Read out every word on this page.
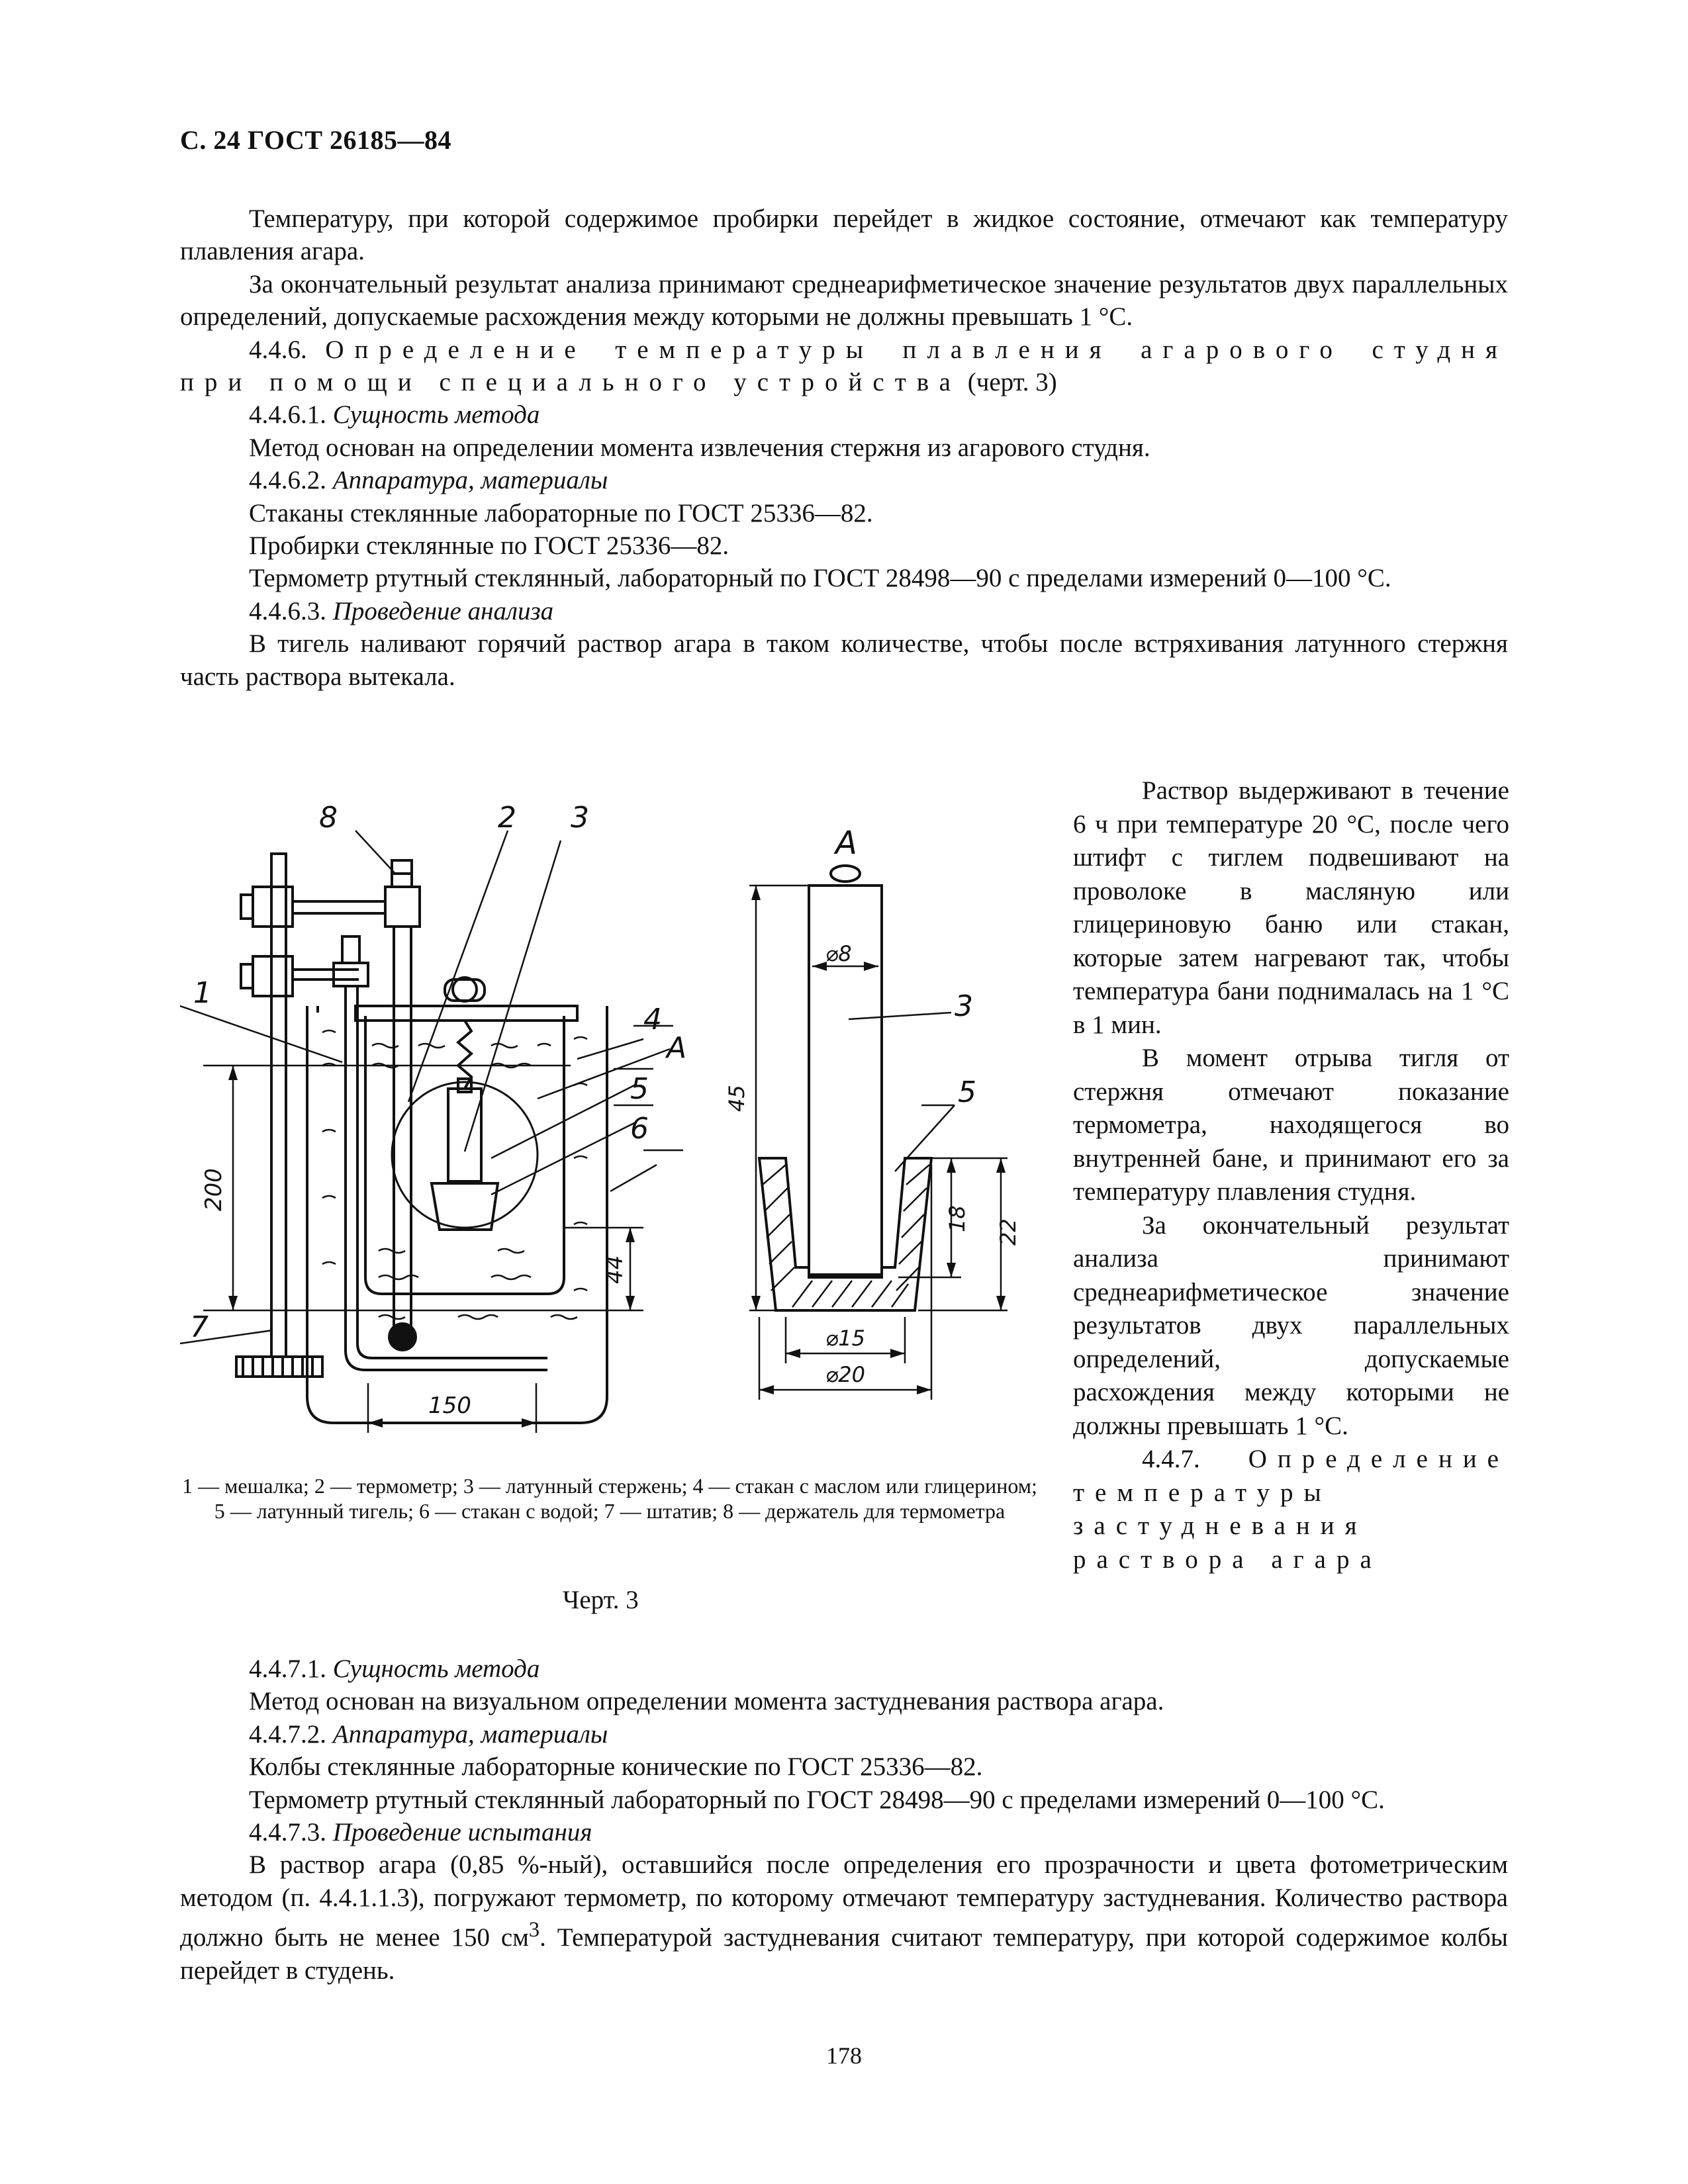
С. 24 ГОСТ 26185—84

Температуру, при которой содержимое пробирки перейдет в жидкое состояние, отмечают как температуру плавления агара.

За окончательный результат анализа принимают среднеарифметическое значение результатов двух параллельных определений, допускаемые расхождения между которыми не должны превышать 1 °С.

4.4.6. Определение температуры плавления агарового студня при помощи специального устройства (черт. 3)

4.4.6.1. Сущность метода

Метод основан на определении момента извлечения стержня из агарового студня.

4.4.6.2. Аппаратура, материалы

Стаканы стеклянные лабораторные по ГОСТ 25336—82.

Пробирки стеклянные по ГОСТ 25336—82.

Термометр ртутный стеклянный, лабораторный по ГОСТ 28498—90 с пределами измерений 0—100 °С.

4.4.6.3. Проведение анализа

В тигель наливают горячий раствор агара в таком количестве, чтобы после встряхивания латунного стержня часть раствора вытекала.

8	2 3
1
4
А
5
6
7
150
200
44
А
⌀8
3
5
45
18 22
⌀15
⌀20
1 — мешалка; 2 — термометр; 3 — латунный стержень; 4 — стакан с маслом или глицерином; 5 — латунный тигель; 6 — стакан с водой; 7 — штатив; 8 — держатель для термометра
Черт. 3

Раствор выдерживают в течение 6 ч при температуре 20 °С, после чего штифт с тиглем подвешивают на проволоке в масляную или глицериновую баню или стакан, которые затем нагревают так, чтобы температура бани поднималась на 1 °С в 1 мин.

В момент отрыва тигля от стержня отмечают показание термометра, находящегося во внутренней бане, и принимают его за температуру плавления студня.

За окончательный результат анализа принимают среднеарифметическое значение результатов двух параллельных определений, допускаемые расхождения между которыми не должны превышать 1 °С.

4.4.7. Определение температуры застудневания раствора агара

4.4.7.1. Сущность метода

Метод основан на визуальном определении момента застудневания раствора агара.

4.4.7.2. Аппаратура, материалы

Колбы стеклянные лабораторные конические по ГОСТ 25336—82.

Термометр ртутный стеклянный лабораторный по ГОСТ 28498—90 с пределами измерений 0—100 °С.

4.4.7.3. Проведение испытания

В раствор агара (0,85 %-ный), оставшийся после определения его прозрачности и цвета фотометрическим методом (п. 4.4.1.1.3), погружают термометр, по которому отмечают температуру застудневания. Количество раствора должно быть не менее 150 $см^3$. Температурой застудневания считают температуру, при которой содержимое колбы перейдет в студень.

178
